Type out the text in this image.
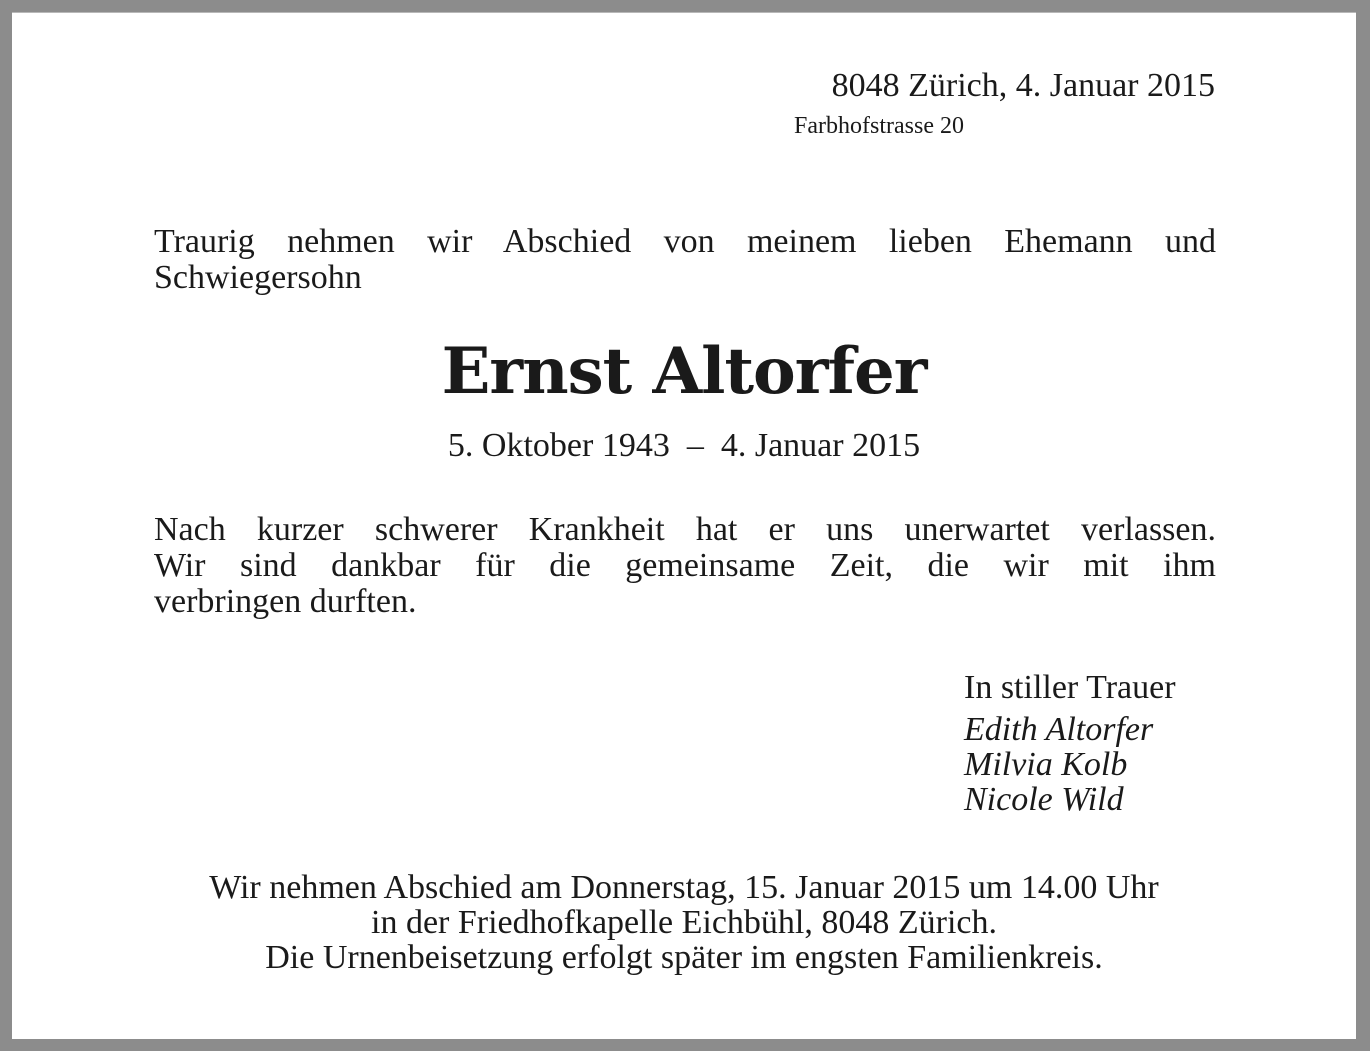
8048 Zürich, 4. Januar 2015
Farbhofstrasse 20
Traurig nehmen wir Abschied von meinem lieben Ehemann und
Schwiegersohn
Ernst Altorfer
5. Oktober 1943  –  4. Januar 2015
Nach kurzer schwerer Krankheit hat er uns unerwartet verlassen.
Wir sind dankbar für die gemeinsame Zeit, die wir mit ihm
verbringen durften.
In stiller Trauer
Edith Altorfer
Milvia Kolb
Nicole Wild
Wir nehmen Abschied am Donnerstag, 15. Januar 2015 um 14.00 Uhr
in der Friedhofkapelle Eichbühl, 8048 Zürich.
Die Urnenbeisetzung erfolgt später im engsten Familienkreis.
